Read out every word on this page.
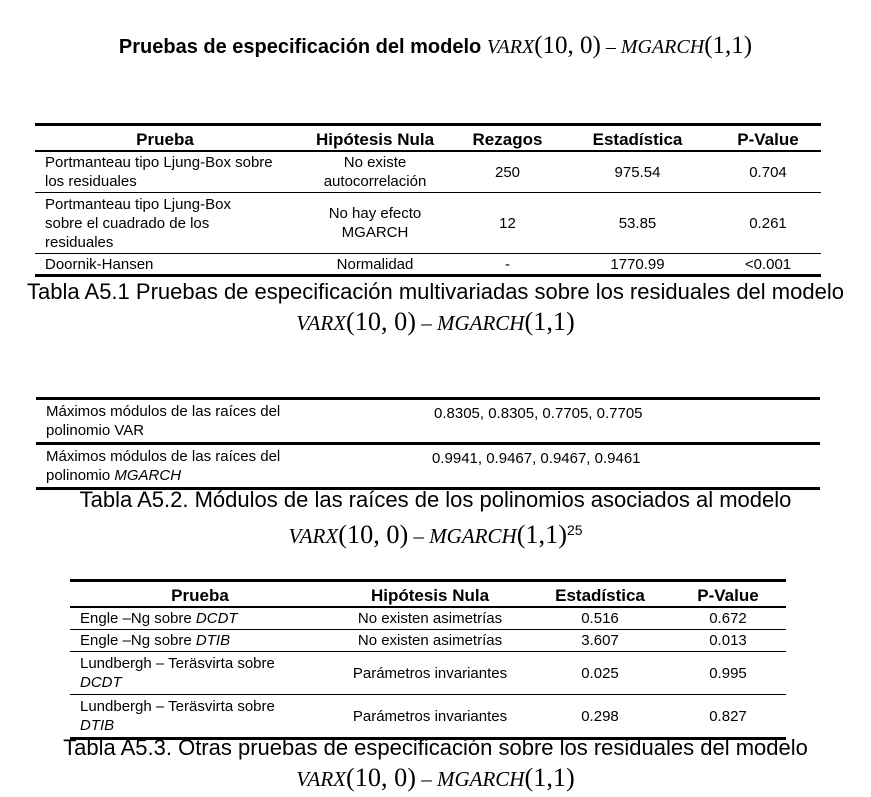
Pruebas de especificación del modelo VARX(10, 0) – MGARCH(1,1)
Prueba	Hipótesis Nula	Rezagos	Estadística	P-Value
Portmanteau tipo Ljung-Box sobre los residuales	No existe autocorrelación	250	975.54	0.704
Portmanteau tipo Ljung-Box sobre el cuadrado de los residuales	No hay efecto MGARCH	12	53.85	0.261
Doornik-Hansen	Normalidad	-	1770.99	<0.001
Tabla A5.1 Pruebas de especificación multivariadas sobre los residuales del modelo VARX(10, 0) – MGARCH(1,1)
Máximos módulos de las raíces del polinomio VAR	0.8305, 0.8305, 0.7705, 0.7705
Máximos módulos de las raíces del polinomio MGARCH	0.9941, 0.9467, 0.9467, 0.9461
Tabla A5.2. Módulos de las raíces de los polinomios asociados al modelo
VARX(10, $0) - MGARCH(1,1)^{25}$
Prueba	Hipótesis Nula	Estadística	P-Value
Engle –Ng sobre DCDT	No existen asimetrías	0.516	0.672
Engle –Ng sobre DTIB	No existen asimetrías	3.607	0.013
Lundbergh – Teräsvirta sobre DCDT	Parámetros invariantes	0.025	0.995
Lundbergh – Teräsvirta sobre DTIB	Parámetros invariantes	0.298	0.827
Tabla A5.3. Otras pruebas de especificación sobre los residuales del modelo
VARX(10, 0) – MGARCH(1,1)
